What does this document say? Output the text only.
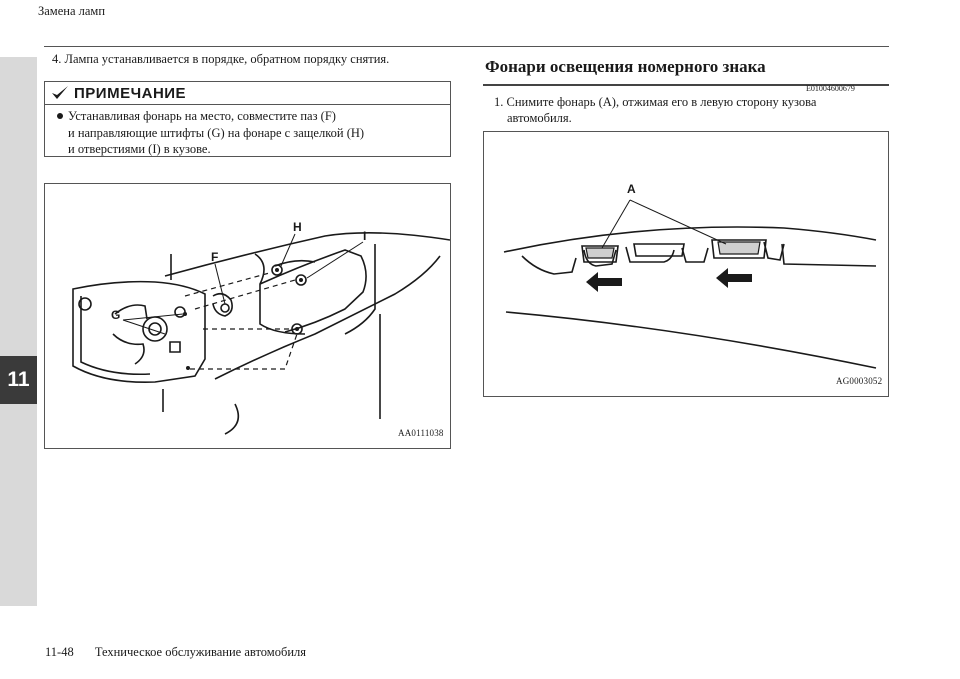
11
Замена ламп
4. Лампа устанавливается в порядке, обратном порядку снятия.
ПРИМЕЧАНИЕ
Устанавливая фонарь на место, совместите паз (F)
и направляющие штифты (G) на фонаре с защелкой (H)
и отверстиями (I) в кузове.
F
G
H
I
AA0111038
Фонари освещения номерного знака
E01004600679
1. Снимите фонарь (A), отжимая его в левую сторону кузова
автомобиля.
A
AG0003052
11-48 Техническое обслуживание автомобиля
